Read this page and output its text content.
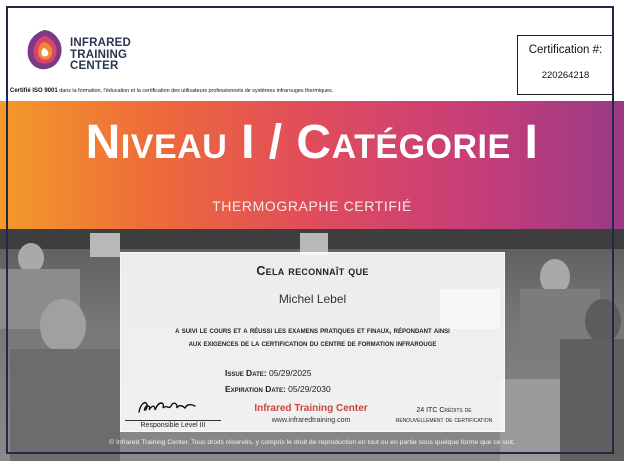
INFRARED
TRAINING
CENTER
Certification #:
220264218
Certifié ISO 9001 dans la formation, l'éducation et la certification des utilisateurs professionnels de systèmes infrarouges thermiques.
Niveau I / Catégorie I
THERMOGRAPHE CERTIFIÉ
Cela reconnaît que
Michel Lebel
a suivi le cours et a réussi les examens pratiques et finaux, répondant ainsi
aux exigences de la certification du centre de formation infrarouge
Issue Date: 05/29/2025
Expiration Date: 05/29/2030
Responsible Level III
Infrared Training Center
www.infraredtraining.com
24 ITC Crédits de
renouvellement de certification
© Infrared Training Center. Tous droits réservés, y compris le droit de reproduction en tout ou en partie sous quelque forme que ce soit.
